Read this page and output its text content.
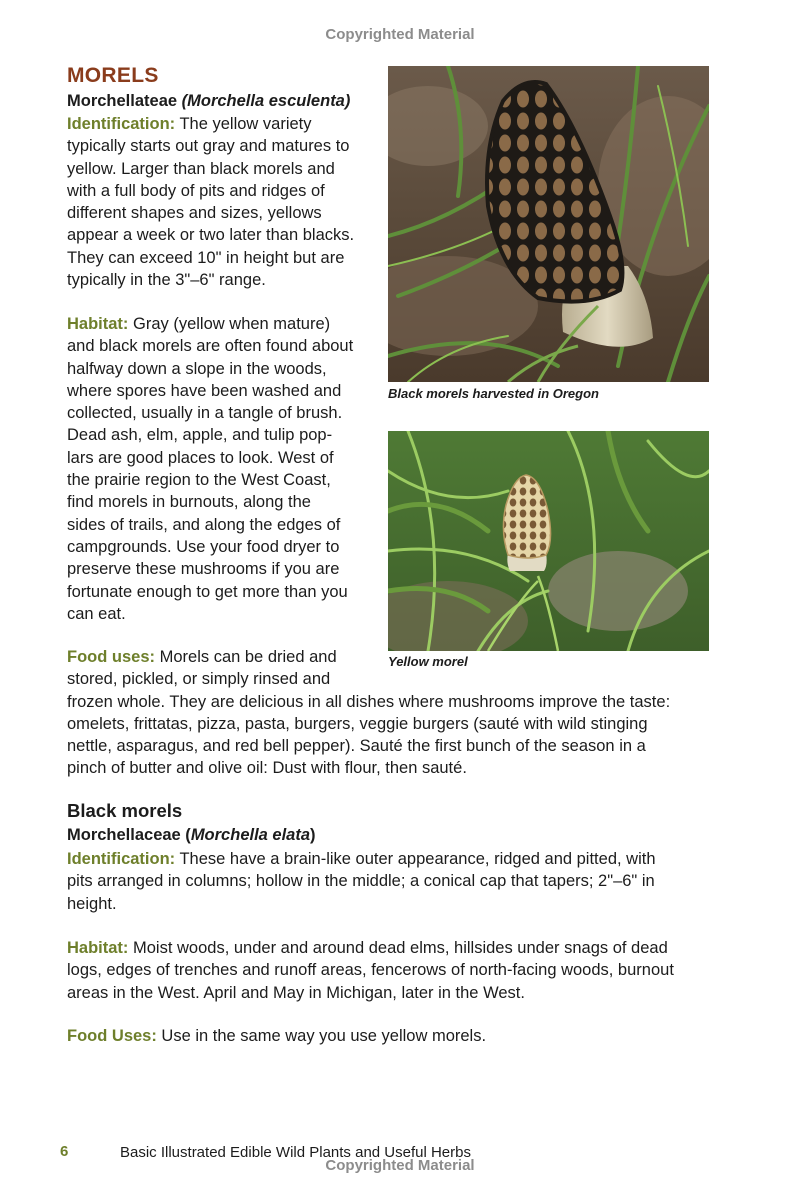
Copyrighted Material
MORELS
Morchellateae (Morchella esculenta)
Identification: The yellow variety
typically starts out gray and matures to
yellow. Larger than black morels and
with a full body of pits and ridges of
different shapes and sizes, yellows
appear a week or two later than blacks.
They can exceed 10" in height but are
typically in the 3"–6" range.
Habitat: Gray (yellow when mature)
and black morels are often found about
halfway down a slope in the woods,
where spores have been washed and
collected, usually in a tangle of brush.
Dead ash, elm, apple, and tulip pop-
lars are good places to look. West of
the prairie region to the West Coast,
find morels in burnouts, along the
sides of trails, and along the edges of
campgrounds. Use your food dryer to
preserve these mushrooms if you are
fortunate enough to get more than you
can eat.
Food uses: Morels can be dried and
stored, pickled, or simply rinsed and
frozen whole. They are delicious in all dishes where mushrooms improve the taste:
omelets, frittatas, pizza, pasta, burgers, veggie burgers (sauté with wild stinging
nettle, asparagus, and red bell pepper). Sauté the first bunch of the season in a
pinch of butter and olive oil: Dust with flour, then sauté.
Black morels harvested in Oregon
Yellow morel
Black morels
Morchellaceae (Morchella elata)
Identification: These have a brain-like outer appearance, ridged and pitted, with
pits arranged in columns; hollow in the middle; a conical cap that tapers; 2"–6" in
height.
Habitat: Moist woods, under and around dead elms, hillsides under snags of dead
logs, edges of trenches and runoff areas, fencerows of north-facing woods, burnout
areas in the West. April and May in Michigan, later in the West.
Food Uses: Use in the same way you use yellow morels.
6	Basic Illustrated Edible Wild Plants and Useful Herbs
Copyrighted Material
